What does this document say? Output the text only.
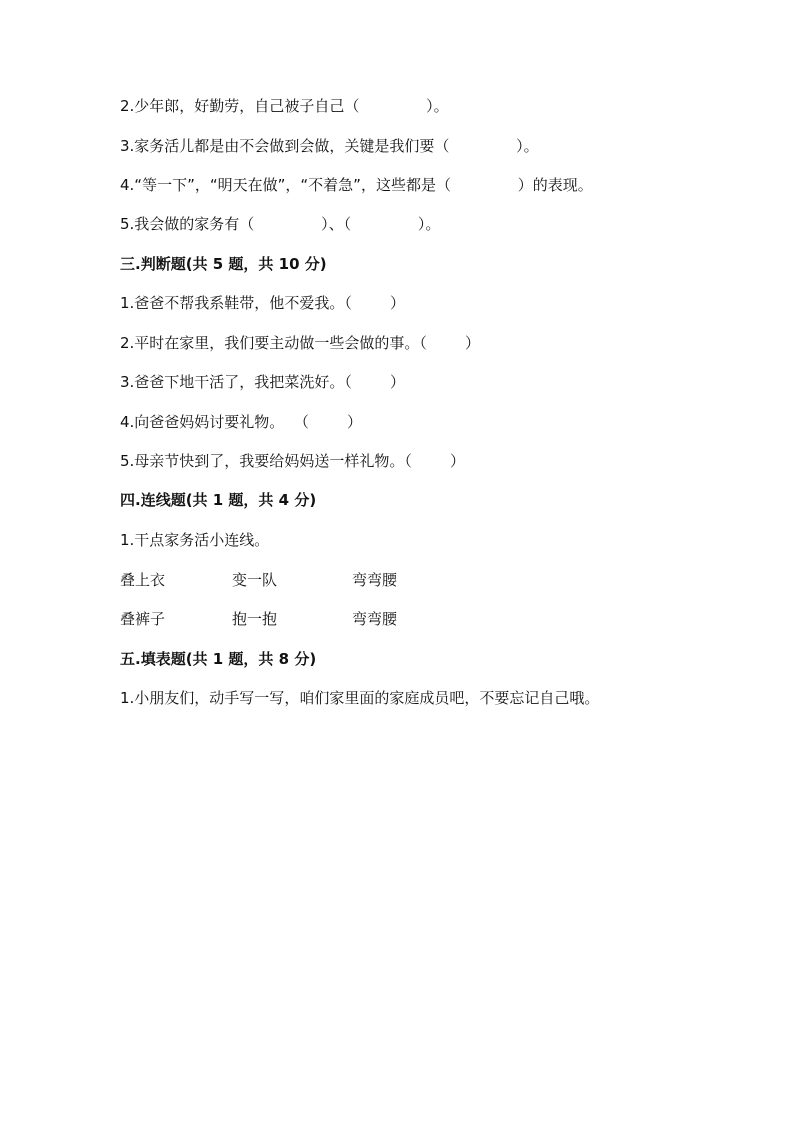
2.少年郎，好勤劳，自己被子自己（              ）。
3.家务活儿都是由不会做到会做，关键是我们要（              ）。
4.“等一下”，“明天在做”，“不着急”，这些都是（              ）的表现。
5.我会做的家务有（              ）、（              ）。
三.判断题(共 5 题，共 10 分)
1.爸爸不帮我系鞋带，他不爱我。（        ）
2.平时在家里，我们要主动做一些会做的事。（        ）
3.爸爸下地干活了，我把菜洗好。（        ）
4.向爸爸妈妈讨要礼物。  （        ）
5.母亲节快到了，我要给妈妈送一样礼物。（        ）
四.连线题(共 1 题，共 4 分)
1.干点家务活小连线。
叠上衣	变一队	弯弯腰
叠裤子	抱一抱	弯弯腰
五.填表题(共 1 题，共 8 分)
1.小朋友们，动手写一写，咱们家里面的家庭成员吧，不要忘记自己哦。
